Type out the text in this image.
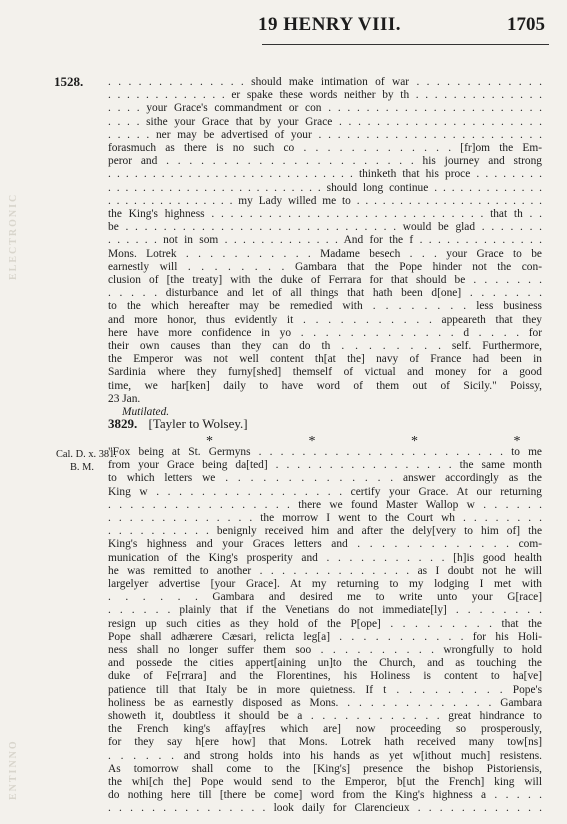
19 HENRY VIII.	1705
1528.
ELECTRONIC
ENTINNO
. . . . . . . . . . . . . . should make intimation of war . . . . . . . . . . . . .
. . . . . . . . . . . . . er spake these words neither by th . . . . . . . . . . . . . .
. . . . your Grace's commandment or con . . . . . . . . . . . . . . . . . . . . . . .
. . . . sithe your Grace that by your Grace . . . . . . . . . . . . . . . . . . . . . .
. . . . . ner may be advertised of your . . . . . . . . . . . . . . . . . . . . . . . .
forasmuch as there is no such co . . . . . . . . . . . . . [fr]om the Em-
peror and . . . . . . . . . . . . . . . . . . . . . . his journey and strong
. . . . . . . . . . . . . . . . . . . . . . . . . . . . thinketh that his proce . . . . . . . .
. . . . . . . . . . . . . . . . . . . . . . . . . should long continue . . . . . . . . . . . . .
. . . . . . . . . . . . . . . my Lady willed me to . . . . . . . . . . . . . . . . . . . . . .
the King's highness . . . . . . . . . . . . . . . . . . . . . . . . . . . . . that th . .
be . . . . . . . . . . . . . . . . . . . . . . . . . . . . . would be glad . . . . . . .
. . . . . . not in som . . . . . . . . . . . . . And for the f . . . . . . . . . . . . . .
Mons. Lotrek . . . . . . . . . . . Madame besech . . . your Grace to be
earnestly will . . . . . . . . Gambara that the Pope hinder not the con-
clusion of [the treaty] with the duke of Ferrara for that should be . . . . . . .
. . . . . disturbance and let of all things that hath been d[one] . . . . . . .
to the which hereafter may be remedied with . . . . . . . . less business
and more honor, thus evidently it . . . . . . . . . . . appeareth that they
here have more confidence in yo . . . . . . . . . . . . . d . . . . for
their own causes than they can do th . . . . . . . . self. Furthermore,
the Emperor was not well content th[at the] navy of France had been in
Sardinia where they furny[shed] themself of victual and money for a good
time, we har[ken] daily to have word of them out of Sicily." Poissy,
23 Jan.
Mutilated.
3829. [Tayler to Wolsey.]
* * * *
Cal. D. x. 381.
B. M.
"Fox being at St. Germyns . . . . . . . . . . . . . . . . . . . . . . . to me
from your Grace being da[ted] . . . . . . . . . . . . . . . . . the same month
to which letters we . . . . . . . . . . . . . . answer accordingly as the
King w . . . . . . . . . . . . . . . . . certify your Grace. At our returning
. . . . . . . . . . . . . . . . . there we found Master Wallop w . . . . . .
. . . . . . . . . . . . . . the morrow I went to the Court wh . . . . . . . .
. . . . . . . . . . benignly received him and after the dely[very to him of] the
King's highness and your Graces letters and . . . . . . . . . . . . . com-
munication of the King's prosperity and . . . . . . . . . . . [h]is good health
he was remitted to another . . . . . . . . . . . . . . as I doubt not he will
largelyer advertise [your Grace]. At my returning to my lodging I met with
. . . . . . Gambara and desired me to write unto your G[race]
. . . . . . plainly that if the Venetians do not immediate[ly] . . . . . . . .
resign up such cities as they hold of the P[ope] . . . . . . . . . that the
Pope shall adhærere Cæsari, relicta leg[a] . . . . . . . . . . . for his Holi-
ness shall no longer suffer them soo . . . . . . . . . . wrongfully to hold
and possede the cities appert[aining un]to the Church, and as touching the
duke of Fe[rrara] and the Florentines, his Holiness is content to ha[ve]
patience till that Italy be in more quietness. If t . . . . . . . . . Pope's
holiness be as earnestly disposed as Mons. . . . . . . . . . . . . . Gambara
showeth it, doubtless it should be a . . . . . . . . . . . . great hindrance to
the French king's affay[res which are] now proceeding so prosperously,
for they say h[ere how] that Mons. Lotrek hath received many tow[ns]
. . . . . . and strong holds into his hands as yet w[ithout much] resistens.
As tomorrow shall come to the [King's] presence the bishop Pistoriensis,
the whi[ch the] Pope would send to the Emperor, b[ut the French] king will
do nothing here till [there be come] word from the King's highness a . . . . .
. . . . . . . . . . . . . . . look daily for Clarencieux . . . . . . . . . . . .
